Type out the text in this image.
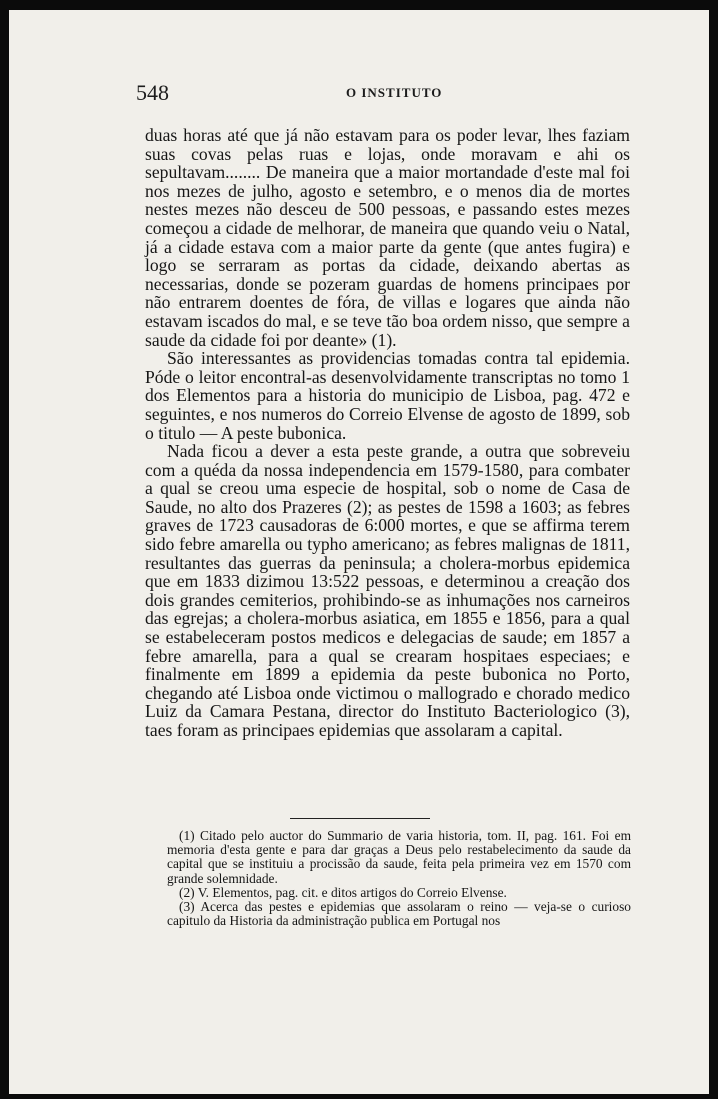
548	O INSTITUTO

duas horas até que já não estavam para os poder levar, lhes faziam suas covas pelas ruas e lojas, onde moravam e ahi os sepultavam........ De maneira que a maior mortandade d'este mal foi nos mezes de julho, agosto e setembro, e o menos dia de mortes nestes mezes não desceu de 500 pessoas, e passando estes mezes começou a cidade de melhorar, de maneira que quando veiu o Natal, já a cidade estava com a maior parte da gente (que antes fugira) e logo se serraram as portas da cidade, deixando abertas as necessarias, donde se pozeram guardas de homens principaes por não entrarem doentes de fóra, de villas e logares que ainda não estavam iscados do mal, e se teve tão boa ordem nisso, que sempre a saude da cidade foi por deante» (1).

São interessantes as providencias tomadas contra tal epidemia. Póde o leitor encontral-as desenvolvidamente transcriptas no tomo 1 dos Elementos para a historia do municipio de Lisboa, pag. 472 e seguintes, e nos numeros do Correio Elvense de agosto de 1899, sob o titulo — A peste bubonica.

Nada ficou a dever a esta peste grande, a outra que sobreveiu com a quéda da nossa independencia em 1579-1580, para combater a qual se creou uma especie de hospital, sob o nome de Casa de Saude, no alto dos Prazeres (2); as pestes de 1598 a 1603; as febres graves de 1723 causadoras de 6:000 mortes, e que se affirma terem sido febre amarella ou typho americano; as febres malignas de 1811, resultantes das guerras da peninsula; a cholera-morbus epidemica que em 1833 dizimou 13:522 pessoas, e determinou a creação dos dois grandes cemiterios, prohibindo-se as inhumações nos carneiros das egrejas; a cholera-morbus asiatica, em 1855 e 1856, para a qual se estabeleceram postos medicos e delegacias de saude; em 1857 a febre amarella, para a qual se crearam hospitaes especiaes; e finalmente em 1899 a epidemia da peste bubonica no Porto, chegando até Lisboa onde victimou o mallogrado e chorado medico Luiz da Camara Pestana, director do Instituto Bacteriologico (3), taes foram as principaes epidemias que assolaram a capital.

(1) Citado pelo auctor do Summario de varia historia, tom. II, pag. 161. Foi em memoria d'esta gente e para dar graças a Deus pelo restabelecimento da saude da capital que se instituiu a procissão da saude, feita pela primeira vez em 1570 com grande solemnidade.

(2) V. Elementos, pag. cit. e ditos artigos do Correio Elvense.

(3) Acerca das pestes e epidemias que assolaram o reino — veja-se o curioso capitulo da Historia da administração publica em Portugal nos
